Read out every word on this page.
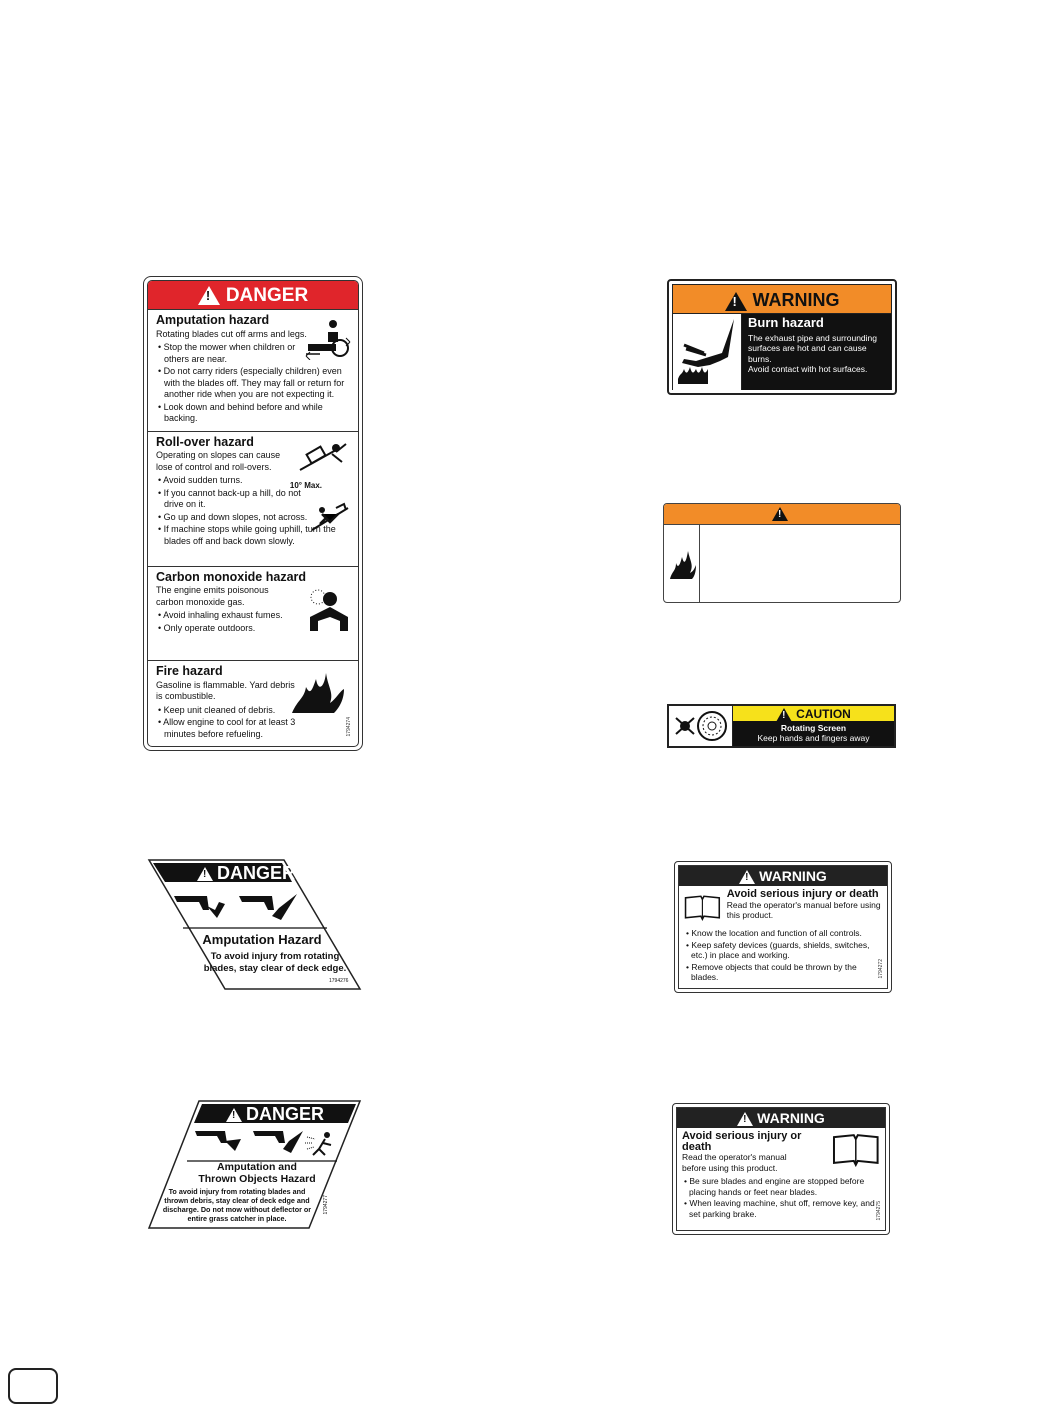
!DANGER
Amputation hazard

Rotating blades cut off arms and legs.

• Stop the mower when children or others are near.
• Do not carry riders (especially children) even with the blades off. They may fall or return for another ride when you are not expecting it.
• Look down and behind before and while backing.
Roll-over hazard

Operating on slopes can cause lose of control and roll-overs.

• Avoid sudden turns.
• If you cannot back-up a hill, do not drive on it.
• Go up and down slopes, not across.
• If machine stops while going uphill, turn the blades off and back down slowly.
10° Max.
Carbon monoxide hazard

The engine emits poisonous carbon monoxide gas.

• Avoid inhaling exhaust fumes.
• Only operate outdoors.
Fire hazard

Gasoline is flammable. Yard debris is combustible.

• Keep unit cleaned of debris.
• Allow engine to cool for at least 3 minutes before refueling.	1794274
!WARNING
Burn hazard
The exhaust pipe and surrounding surfaces are hot and can cause burns.
Avoid contact with hot surfaces.
!
!CAUTION
Rotating Screen
Keep hands and fingers away
!DANGER
Amputation Hazard
To avoid injury from rotating blades, stay clear of deck edge.
1794276
!DANGER
Amputation and Thrown Objects Hazard
To avoid injury from rotating blades and thrown debris, stay clear of deck edge and discharge. Do not mow without deflector or entire grass catcher in place.
1794277
!WARNING
Avoid serious injury or death
Read the operator's manual before using this product.
• Know the location and function of all controls.
• Keep safety devices (guards, shields, switches, etc.) in place and working.
• Remove objects that could be thrown by the blades.	1794272
!WARNING
Avoid serious injury or death
Read the operator's manual before using this product.
• Be sure blades and engine are stopped before placing hands or feet near blades.
• When leaving machine, shut off, remove key, and set parking brake.	1794275
